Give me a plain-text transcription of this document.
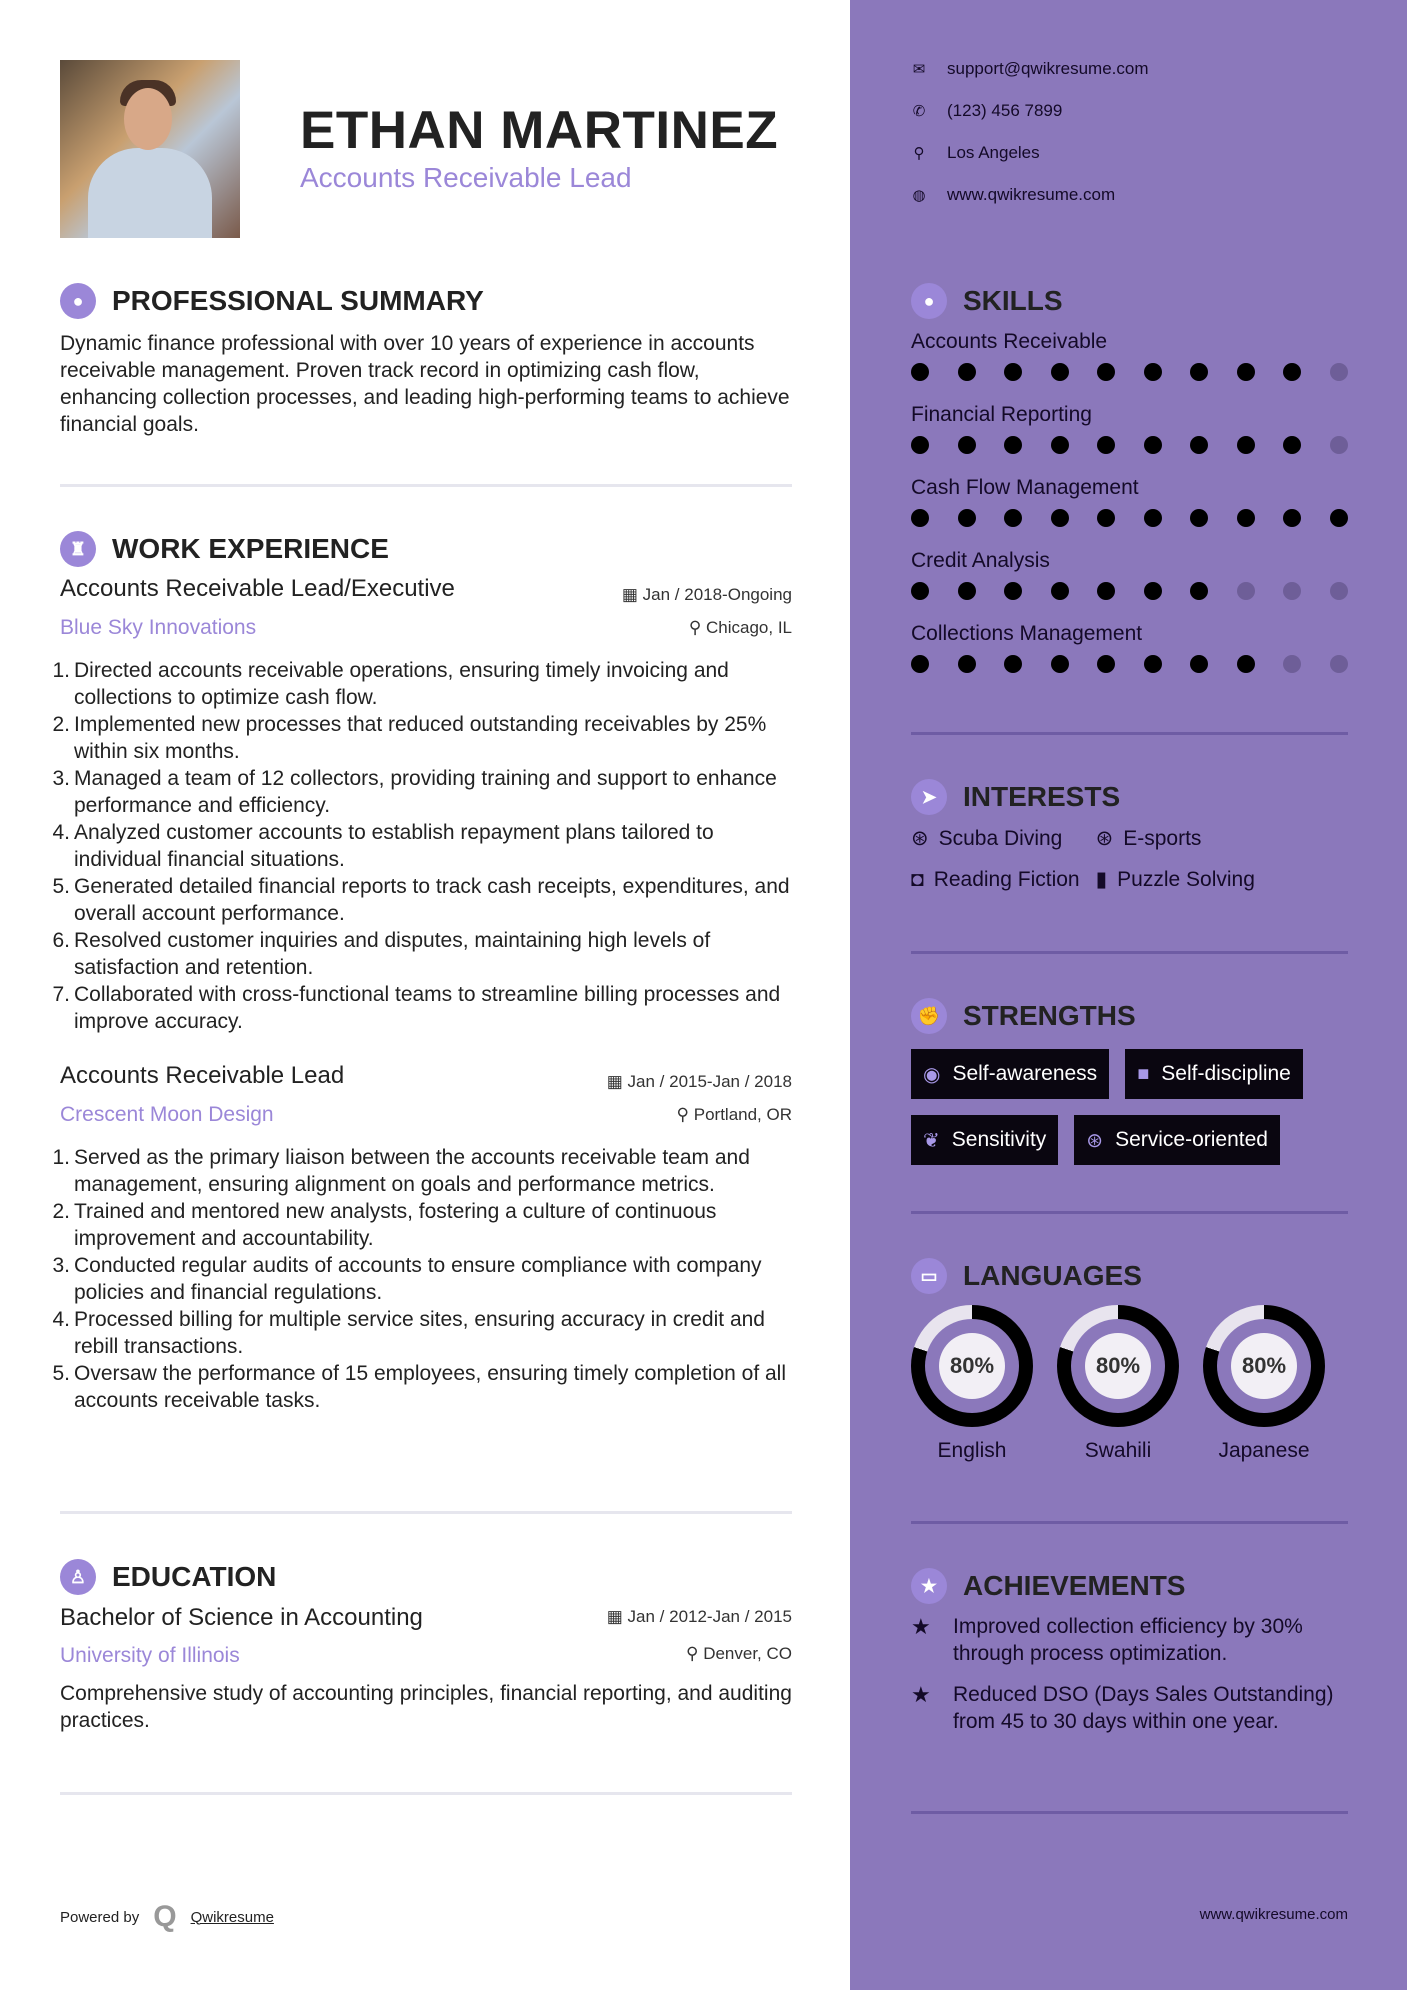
ETHAN MARTINEZ
Accounts Receivable Lead
●	PROFESSIONAL SUMMARY
Dynamic finance professional with over 10 years of experience in accounts receivable management. Proven track record in optimizing cash flow, enhancing collection processes, and leading high-performing teams to achieve financial goals.
♜ WORK EXPERIENCE
Accounts Receivable Lead/Executive	▦ Jan / 2018-Ongoing
Blue Sky Innovations	⚲ Chicago, IL
1. Directed accounts receivable operations, ensuring timely invoicing and collections to optimize cash flow.
2. Implemented new processes that reduced outstanding receivables by 25% within six months.
3. Managed a team of 12 collectors, providing training and support to enhance performance and efficiency.
4. Analyzed customer accounts to establish repayment plans tailored to individual financial situations.
5. Generated detailed financial reports to track cash receipts, expenditures, and overall account performance.
6. Resolved customer inquiries and disputes, maintaining high levels of satisfaction and retention.
7. Collaborated with cross-functional teams to streamline billing processes and improve accuracy.
Accounts Receivable Lead	▦ Jan / 2015-Jan / 2018
Crescent Moon Design	⚲ Portland, OR
1. Served as the primary liaison between the accounts receivable team and management, ensuring alignment on goals and performance metrics.
2. Trained and mentored new analysts, fostering a culture of continuous improvement and accountability.
3. Conducted regular audits of accounts to ensure compliance with company policies and financial regulations.
4. Processed billing for multiple service sites, ensuring accuracy in credit and rebill transactions.
5. Oversaw the performance of 15 employees, ensuring timely completion of all accounts receivable tasks.
♙ EDUCATION
Bachelor of Science in Accounting	▦ Jan / 2012-Jan / 2015
University of Illinois	⚲ Denver, CO
Comprehensive study of accounting principles, financial reporting, and auditing practices.
Powered by Q Qwikresume	www.qwikresume.com
✉ support@qwikresume.com
✆ (123) 456 7899
⚲ Los Angeles
◍ www.qwikresume.com
●	SKILLS
Accounts Receivable
Financial Reporting
Cash Flow Management
Credit Analysis
Collections Management
➤ INTERESTS
⊛ Scuba Diving ⊛ E-sports
◘ Reading Fiction ▮ Puzzle Solving
✊ STRENGTHS
◉ Self-awareness ■ Self-discipline
❦ Sensitivity ⊛ Service-oriented
▭ LANGUAGES
80%
English
80%
Swahili
80%
Japanese
★ ACHIEVEMENTS
★	Improved collection efficiency by 30% through process optimization.
★	Reduced DSO (Days Sales Outstanding) from 45 to 30 days within one year.
